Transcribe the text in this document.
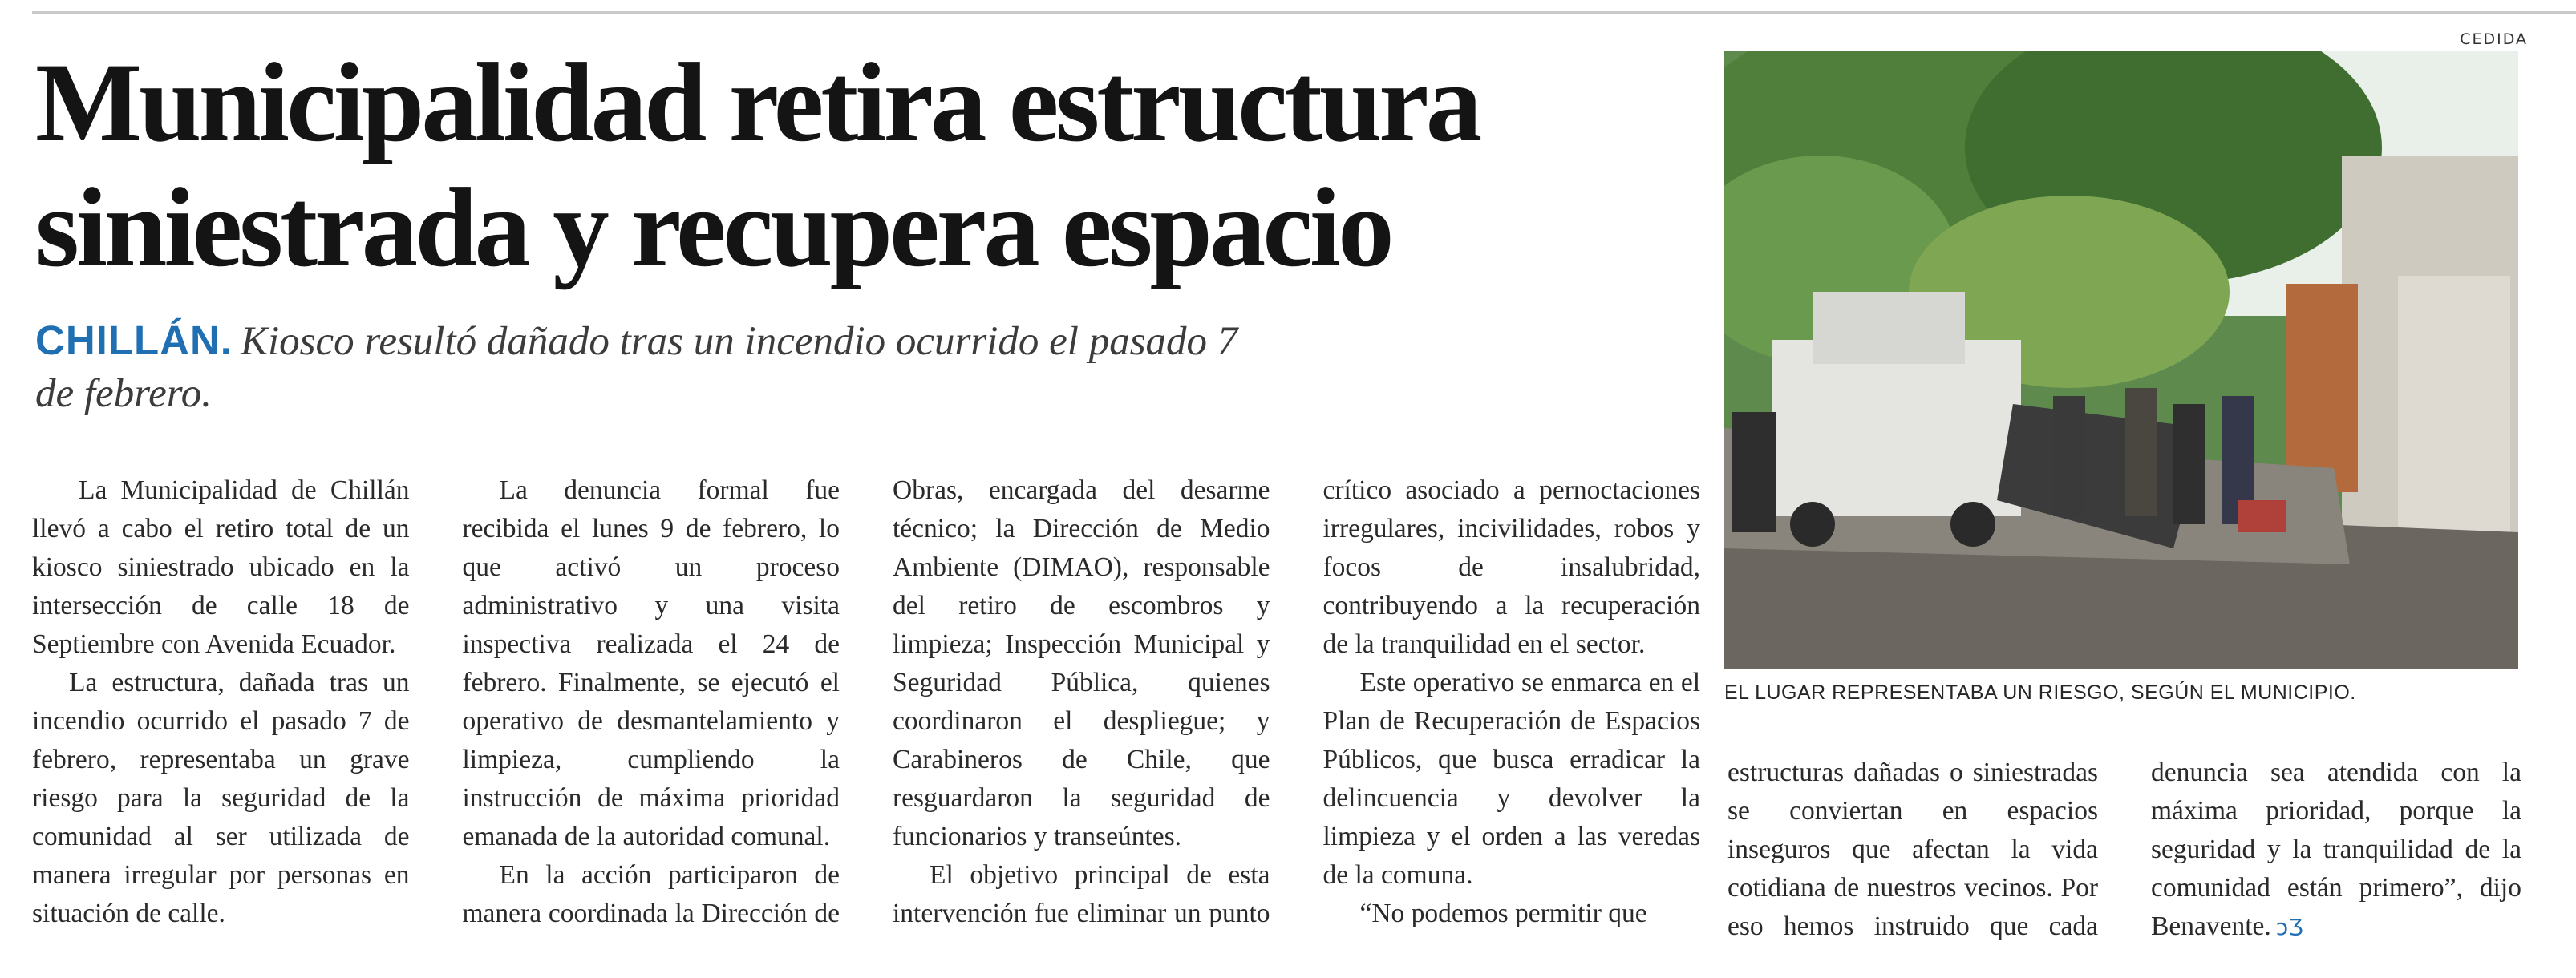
CEDIDA
Municipalidad retira estructura siniestrada y recupera espacio

CHILLÁN. Kiosco resultó dañado tras un incendio ocurrido el pasado 7 de febrero.

La Municipalidad de Chillán llevó a cabo el retiro total de un kiosco siniestrado ubicado en la intersección de calle 18 de Septiembre con Avenida Ecuador.

La estructura, dañada tras un incendio ocurrido el pasado 7 de febrero, representaba un grave riesgo para la seguridad de la comunidad al ser utilizada de manera irregular por personas en situación de calle.

La denuncia formal fue recibida el lunes 9 de febrero, lo que activó un proceso administrativo y una visita inspectiva realizada el 24 de febrero. Finalmente, se ejecutó el operativo de desmantelamiento y limpieza, cumpliendo la instrucción de máxima prioridad emanada de la autoridad comunal.

En la acción participaron de manera coordinada la Dirección de Obras, encargada del desarme técnico; la Dirección de Medio Ambiente (DIMAO), responsable del retiro de escombros y limpieza; Inspección Municipal y Seguridad Pública, quienes coordinaron el despliegue; y Carabineros de Chile, que resguardaron la seguridad de funcionarios y transeúntes.

El objetivo principal de esta intervención fue eliminar un punto crítico asociado a pernoctaciones irregulares, incivilidades, robos y focos de insalubridad, contribuyendo a la recuperación de la tranquilidad en el sector.

Este operativo se enmarca en el Plan de Recuperación de Espacios Públicos, que busca erradicar la delincuencia y devolver la limpieza y el orden a las veredas de la comuna.

“No podemos permitir que

EL LUGAR REPRESENTABA UN RIESGO, SEGÚN EL MUNICIPIO.

estructuras dañadas o siniestradas se conviertan en espacios inseguros que afectan la vida cotidiana de nuestros vecinos. Por eso hemos instruido que cada denuncia sea atendida con la máxima prioridad, porque la seguridad y la tranquilidad de la comunidad están primero”, dijo Benavente. ↄƷ
